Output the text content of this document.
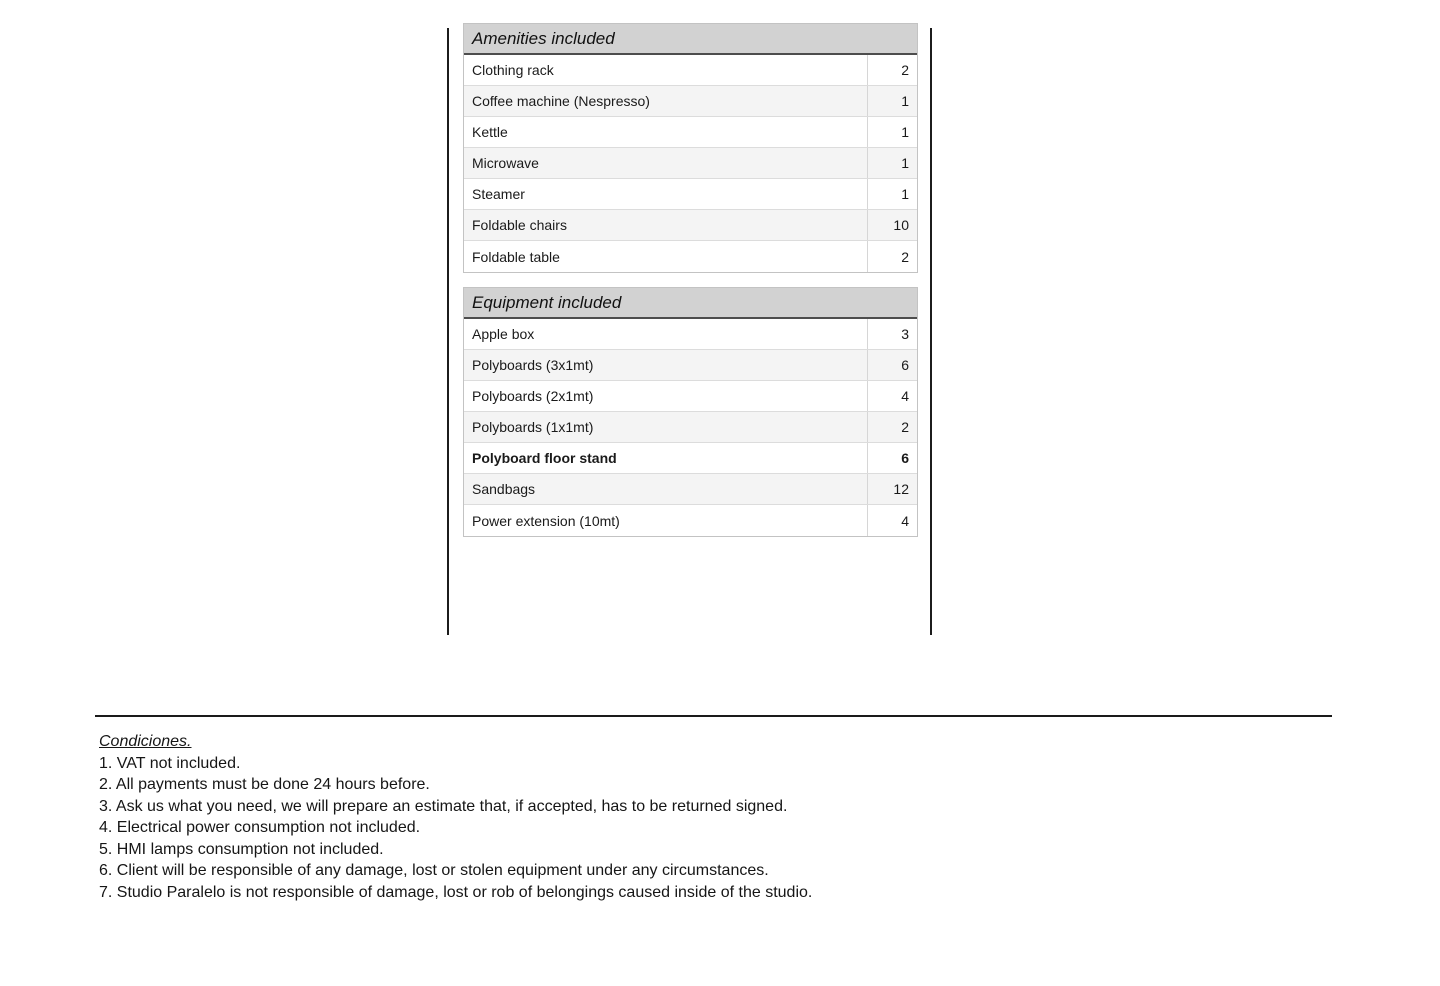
Amenities included
Clothing rack	2
Coffee machine (Nespresso)	1
Kettle	1
Microwave	1
Steamer	1
Foldable chairs	10
Foldable table	2
Equipment included
Apple box	3
Polyboards (3x1mt)	6
Polyboards (2x1mt)	4
Polyboards (1x1mt)	2
Polyboard floor stand	6
Sandbags	12
Power extension (10mt)	4
Condiciones.
1. VAT not included.
2. All payments must be done 24 hours before.
3. Ask us what you need, we will prepare an estimate that, if accepted, has to be returned signed.
4. Electrical power consumption not included.
5. HMI lamps consumption not included.
6. Client will be responsible of any damage, lost or stolen equipment under any circumstances.
7. Studio Paralelo is not responsible of damage, lost or rob of belongings caused inside of the studio.
